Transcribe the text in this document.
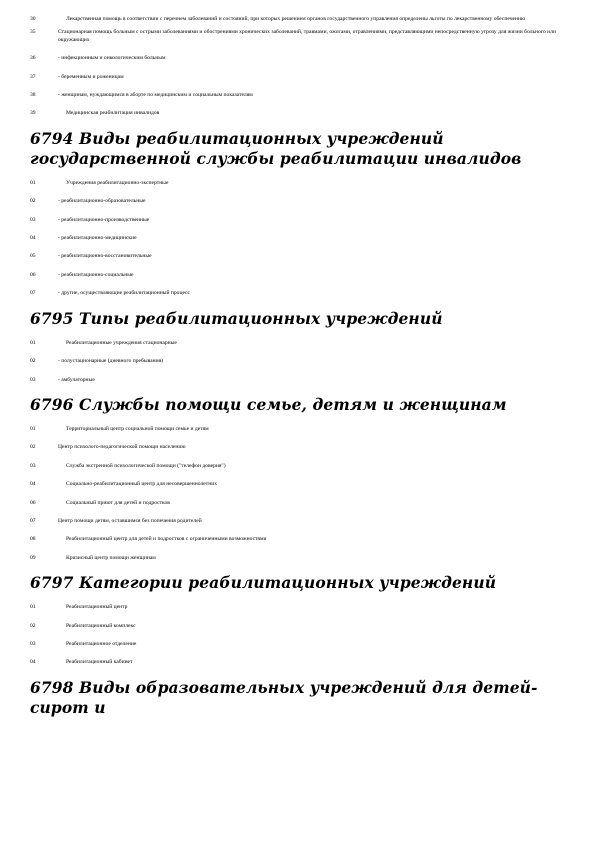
30	Лекарственная помощь в соответствии с перечнем заболеваний и состояний, при которых решением органов государственного управления определены льготы по лекарственному обеспечению
35	Стационарная помощь больным с острыми заболеваниями и обострениями хронических заболеваний, травмами, ожогами, отравлениями, представляющими непосредственную угрозу для жизни больного или окружающих
36	- инфекционным и онкологическим больным
37	- беременным и роженицам
38	- женщинам, нуждающимся в аборте по медицинским и социальным показателям
39	Медицинская реабилитация инвалидов
6794 Виды реабилитационных учреждений государственной службы реабилитации инвалидов
01	Учреждения реабилитационно-экспертные
02	- реабилитационно-образовательные
03	- реабилитационно-производственные
04	- реабилитационно-медицинские
05	- реабилитационно-восстановительные
06	- реабилитационно-социальные
07	- другие, осуществляющие реабилитационный процесс
6795 Типы реабилитационных учреждений
01	Реабилитационные учреждения стационарные
02	- полустационарные (дневного пребывания)
03	- амбулаторные
6796 Службы помощи семье, детям и женщинам
01	Территориальный центр социальной помощи семье и детям
02	Центр психолого-педагогической помощи населению
03	Служба экстренной психологической помощи ("телефон доверия")
04	Социально-реабилитационный центр для несовершеннолетних
06	Социальный приют для детей и подростков
07	Центр помощи детям, оставшимся без попечения родителей
08	Реабилитационный центр для детей и подростков с ограниченными возможностями
09	Кризисный центр помощи женщинам
6797 Категории реабилитационных учреждений
01	Реабилитационный центр
02	Реабилитационный комплекс
03	Реабилитационное отделение
04	Реабилитационный кабинет
6798 Виды образовательных учреждений для детей-сирот и
